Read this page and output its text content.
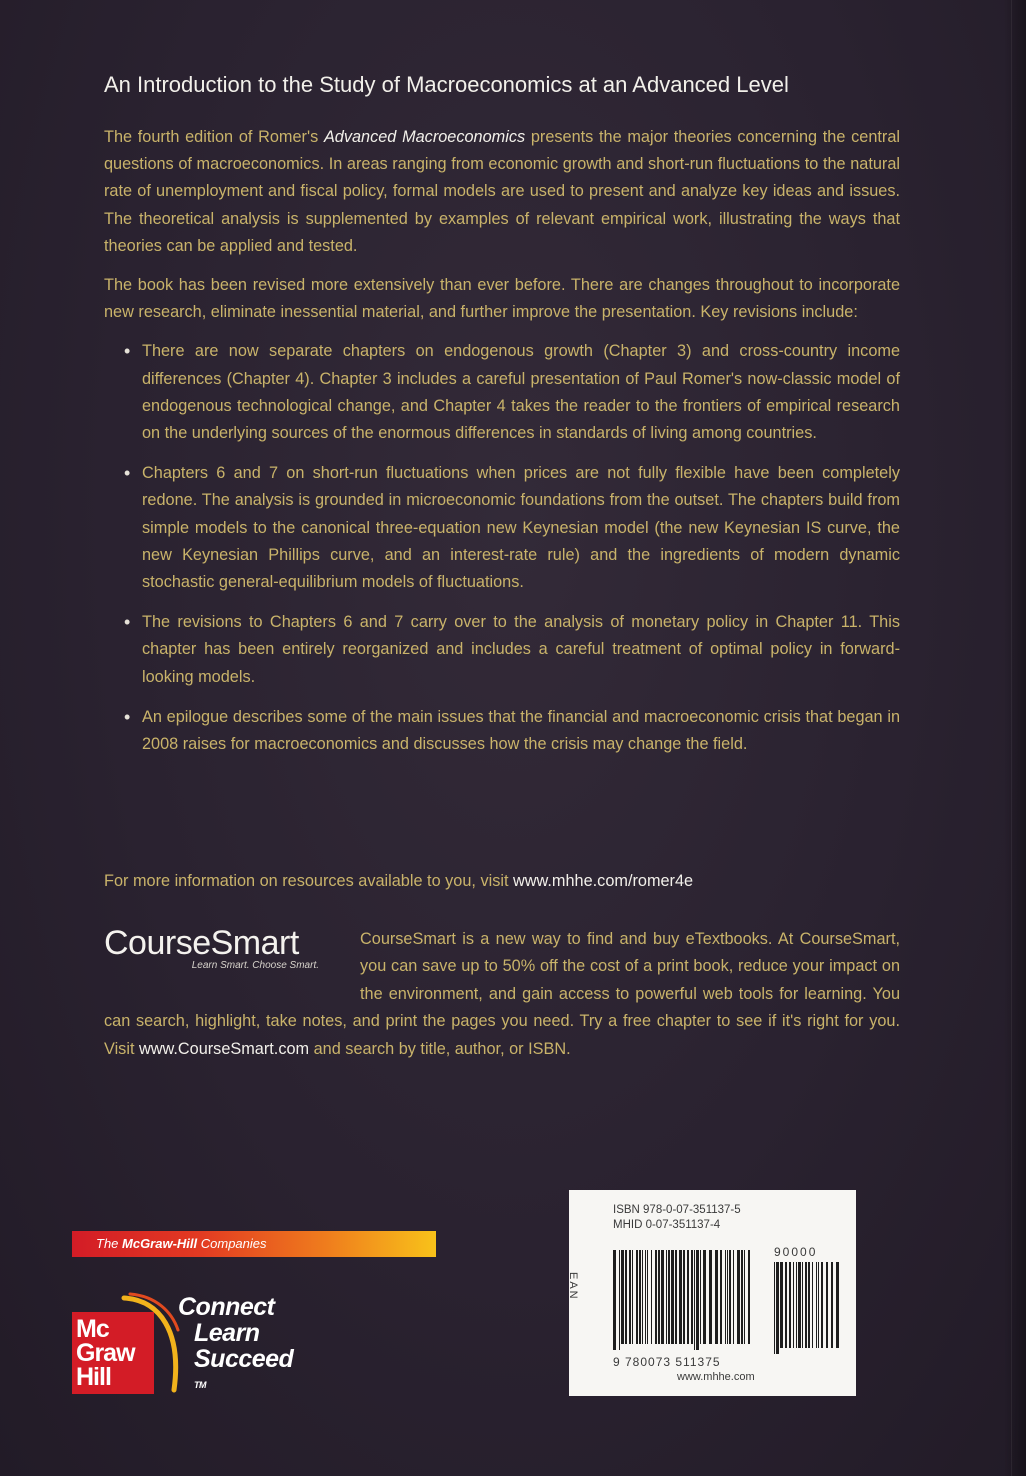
An Introduction to the Study of Macroeconomics at an Advanced Level

The fourth edition of Romer's Advanced Macroeconomics presents the major theories concerning the central questions of macroeconomics. In areas ranging from economic growth and short-run fluctuations to the natural rate of unemployment and fiscal policy, formal models are used to present and analyze key ideas and issues. The theoretical analysis is supplemented by examples of relevant empirical work, illustrating the ways that theories can be applied and tested.

The book has been revised more extensively than ever before. There are changes throughout to incorporate new research, eliminate inessential material, and further improve the presentation. Key revisions include:

• There are now separate chapters on endogenous growth (Chapter 3) and cross-country income differences (Chapter 4). Chapter 3 includes a careful presentation of Paul Romer's now-classic model of endogenous technological change, and Chapter 4 takes the reader to the frontiers of empirical research on the underlying sources of the enormous differences in standards of living among countries.
• Chapters 6 and 7 on short-run fluctuations when prices are not fully flexible have been completely redone. The analysis is grounded in microeconomic foundations from the outset. The chapters build from simple models to the canonical three-equation new Keynesian model (the new Keynesian IS curve, the new Keynesian Phillips curve, and an interest-rate rule) and the ingredients of modern dynamic stochastic general-equilibrium models of fluctuations.
• The revisions to Chapters 6 and 7 carry over to the analysis of monetary policy in Chapter 11. This chapter has been entirely reorganized and includes a careful treatment of optimal policy in forward-looking models.
• An epilogue describes some of the main issues that the financial and macroeconomic crisis that began in 2008 raises for macroeconomics and discusses how the crisis may change the field.
For more information on resources available to you, visit www.mhhe.com/romer4e
CourseSmart
Learn Smart. Choose Smart.
CourseSmart is a new way to find and buy eTextbooks. At CourseSmart, you can save up to 50% off the cost of a print book, reduce your impact on the environment, and gain access to powerful web tools for learning. You can search, highlight, take notes, and print the pages you need. Try a free chapter to see if it's right for you. Visit www.CourseSmart.com and search by title, author, or ISBN.
The McGraw-Hill Companies
Mc
Graw
Hill
Connect
Learn
Succeed
™
ISBN 978-0-07-351137-5
MHID 0-07-351137-4
EAN
90000
9 780073 511375
www.mhhe.com
